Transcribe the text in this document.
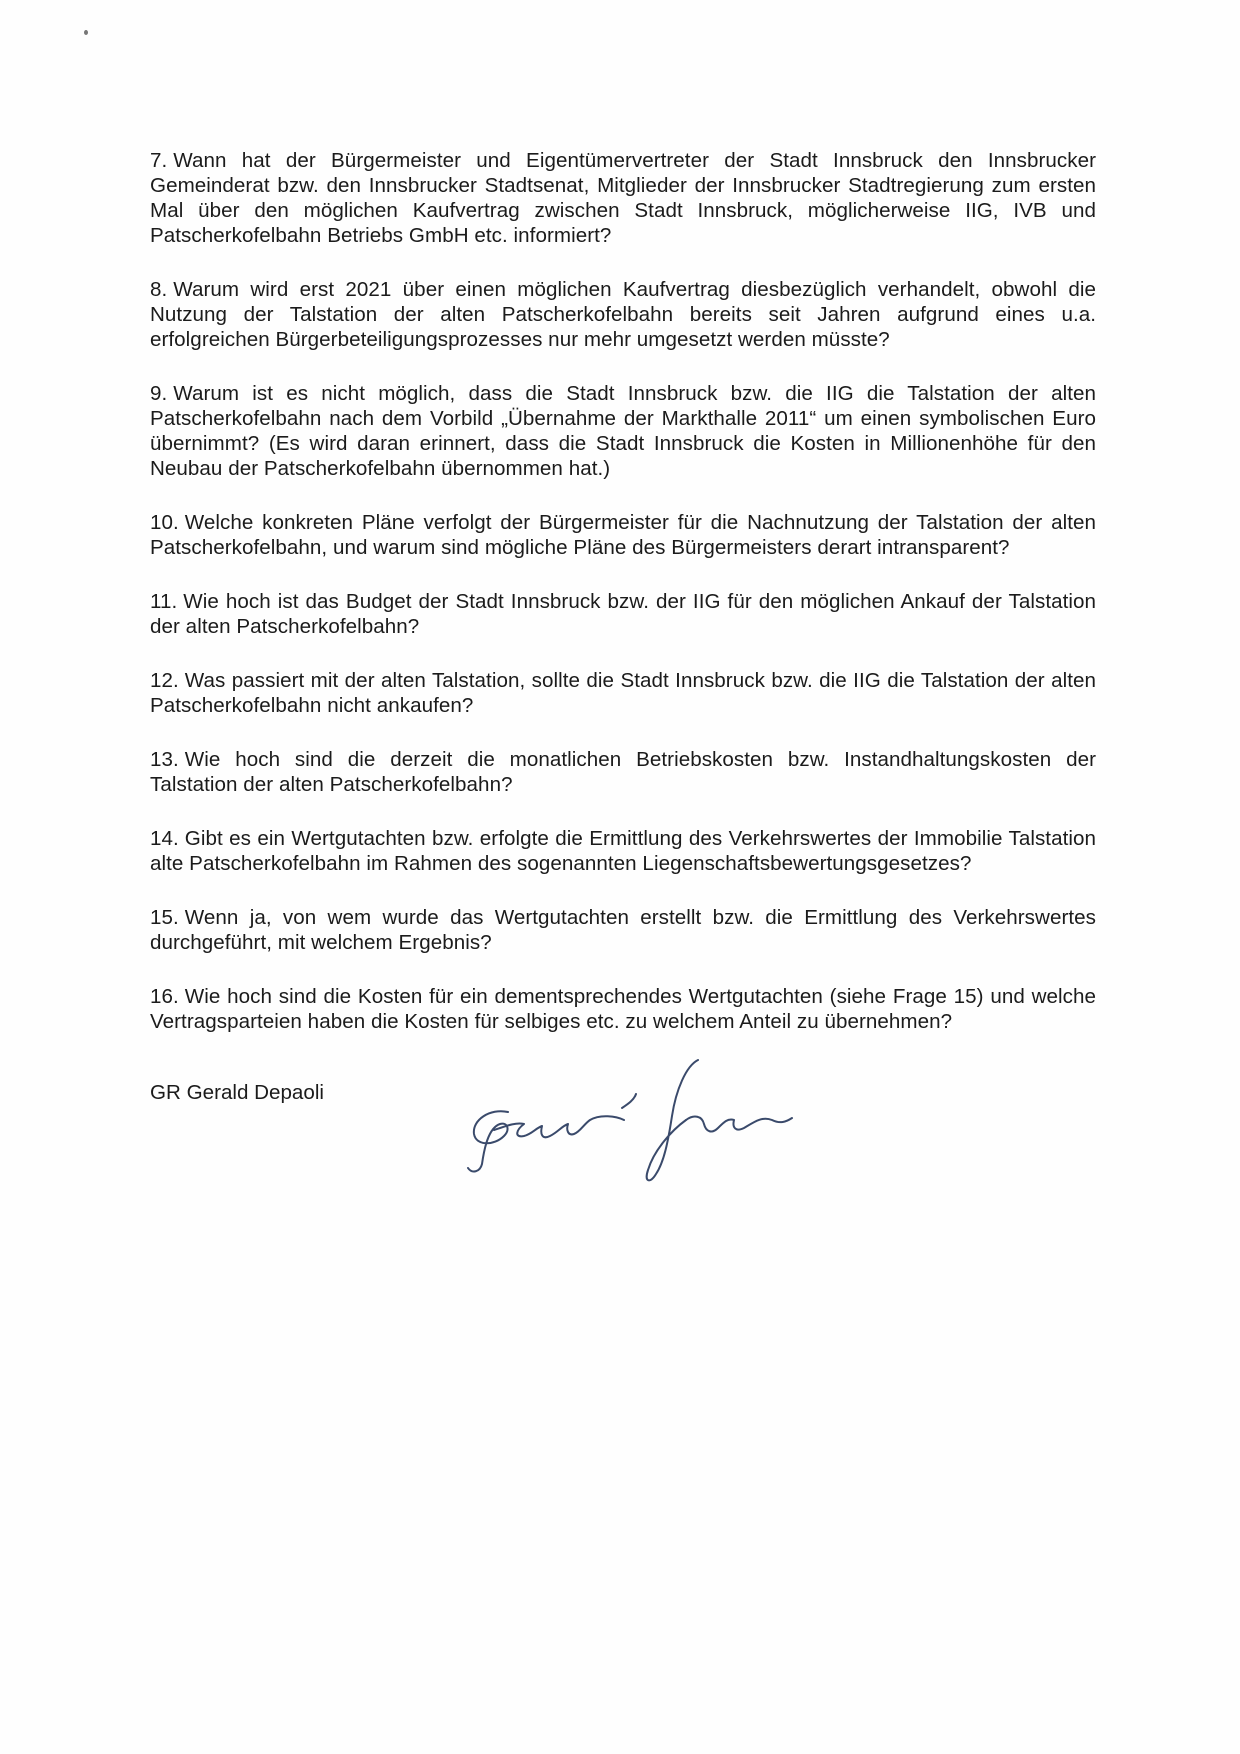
7. Wann hat der Bürgermeister und Eigentümervertreter der Stadt Innsbruck den Innsbrucker Gemeinderat bzw. den Innsbrucker Stadtsenat, Mitglieder der Innsbrucker Stadtregierung zum ersten Mal über den möglichen Kaufvertrag zwischen Stadt Innsbruck, möglicherweise IIG, IVB und Patscherkofelbahn Betriebs GmbH etc. informiert?

8. Warum wird erst 2021 über einen möglichen Kaufvertrag diesbezüglich verhandelt, obwohl die Nutzung der Talstation der alten Patscherkofelbahn bereits seit Jahren aufgrund eines u.a. erfolgreichen Bürgerbeteiligungsprozesses nur mehr umgesetzt werden müsste?

9. Warum ist es nicht möglich, dass die Stadt Innsbruck bzw. die IIG die Talstation der alten Patscherkofelbahn nach dem Vorbild „Übernahme der Markthalle 2011“ um einen symbolischen Euro übernimmt? (Es wird daran erinnert, dass die Stadt Innsbruck die Kosten in Millionenhöhe für den Neubau der Patscherkofelbahn übernommen hat.)

10. Welche konkreten Pläne verfolgt der Bürgermeister für die Nachnutzung der Talstation der alten Patscherkofelbahn, und warum sind mögliche Pläne des Bürgermeisters derart intransparent?

11. Wie hoch ist das Budget der Stadt Innsbruck bzw. der IIG für den möglichen Ankauf der Talstation der alten Patscherkofelbahn?

12. Was passiert mit der alten Talstation, sollte die Stadt Innsbruck bzw. die IIG die Talstation der alten Patscherkofelbahn nicht ankaufen?

13. Wie hoch sind die derzeit die monatlichen Betriebskosten bzw. Instandhaltungskosten der Talstation der alten Patscherkofelbahn?

14. Gibt es ein Wertgutachten bzw. erfolgte die Ermittlung des Verkehrswertes der Immobilie Talstation alte Patscherkofelbahn im Rahmen des sogenannten Liegenschaftsbewertungsgesetzes?

15. Wenn ja, von wem wurde das Wertgutachten erstellt bzw. die Ermittlung des Verkehrswertes durchgeführt, mit welchem Ergebnis?

16. Wie hoch sind die Kosten für ein dementsprechendes Wertgutachten (siehe Frage 15) und welche Vertragsparteien haben die Kosten für selbiges etc. zu welchem Anteil zu übernehmen?

GR Gerald Depaoli
